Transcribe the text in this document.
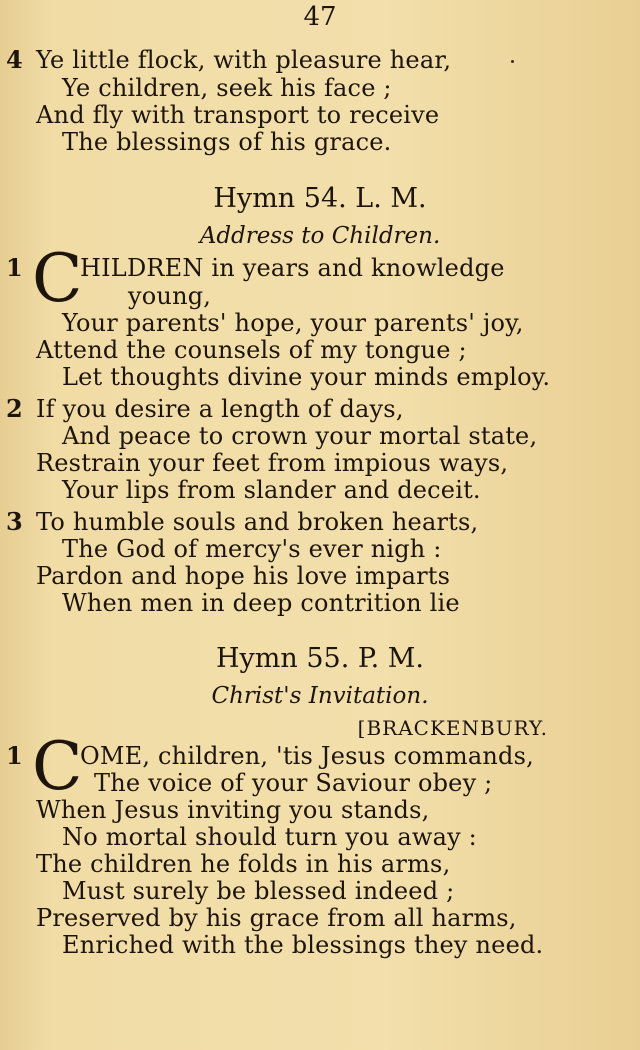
47
4 Ye little flock, with pleasure hear,
Ye children, seek his face ;
And fly with transport to receive
The blessings of his grace.
Hymn 54. L. M.
Address to Children.
1 C
HILDREN in years and knowledge
young,
Your parents' hope, your parents' joy,
Attend the counsels of my tongue ;
Let thoughts divine your minds employ.
2 If you desire a length of days,
And peace to crown your mortal state,
Restrain your feet from impious ways,
Your lips from slander and deceit.
3 To humble souls and broken hearts,
The God of mercy's ever nigh :
Pardon and hope his love imparts
When men in deep contrition lie
Hymn 55. P. M.
Christ's Invitation.
[BRACKENBURY.
1 C
OME, children, 'tis Jesus commands,
The voice of your Saviour obey ;
When Jesus inviting you stands,
No mortal should turn you away :
The children he folds in his arms,
Must surely be blessed indeed ;
Preserved by his grace from all harms,
Enriched with the blessings they need.
